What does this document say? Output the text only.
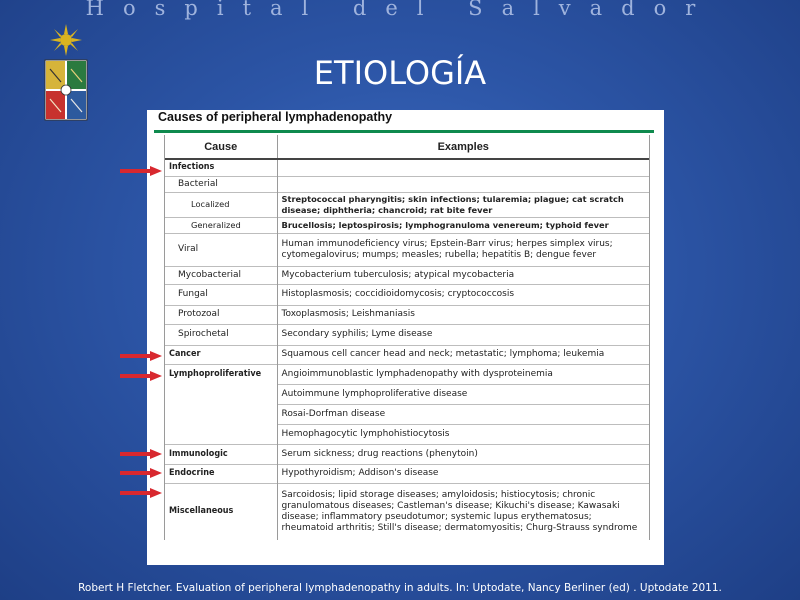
Hospital del Salvador
ETIOLOGÍA
Causes of peripheral lymphadenopathy
Cause	Examples
Infections	
Bacterial	
Localized	Streptococcal pharyngitis; skin infections; tularemia; plague; cat scratch disease; diphtheria; chancroid; rat bite fever
Generalized	Brucellosis; leptospirosis; lymphogranuloma venereum; typhoid fever
Viral	Human immunodeficiency virus; Epstein-Barr virus; herpes simplex virus; cytomegalovirus; mumps; measles; rubella; hepatitis B; dengue fever
Mycobacterial	Mycobacterium tuberculosis; atypical mycobacteria
Fungal	Histoplasmosis; coccidioidomycosis; cryptococcosis
Protozoal	Toxoplasmosis; Leishmaniasis
Spirochetal	Secondary syphilis; Lyme disease
Cancer	Squamous cell cancer head and neck; metastatic; lymphoma; leukemia
Lymphoproliferative	Angioimmunoblastic lymphadenopathy with dysproteinemia
	Autoimmune lymphoproliferative disease
	Rosai-Dorfman disease
	Hemophagocytic lymphohistiocytosis
Immunologic	Serum sickness; drug reactions (phenytoin)
Endocrine	Hypothyroidism; Addison's disease
Miscellaneous	Sarcoidosis; lipid storage diseases; amyloidosis; histiocytosis; chronic granulomatous diseases; Castleman's disease; Kikuchi's disease; Kawasaki disease; inflammatory pseudotumor; systemic lupus erythematosus; rheumatoid arthritis; Still's disease; dermatomyositis; Churg-Strauss syndrome
Robert H Fletcher. Evaluation of peripheral lymphadenopathy in adults. In: Uptodate, Nancy Berliner (ed) . Uptodate 2011.
